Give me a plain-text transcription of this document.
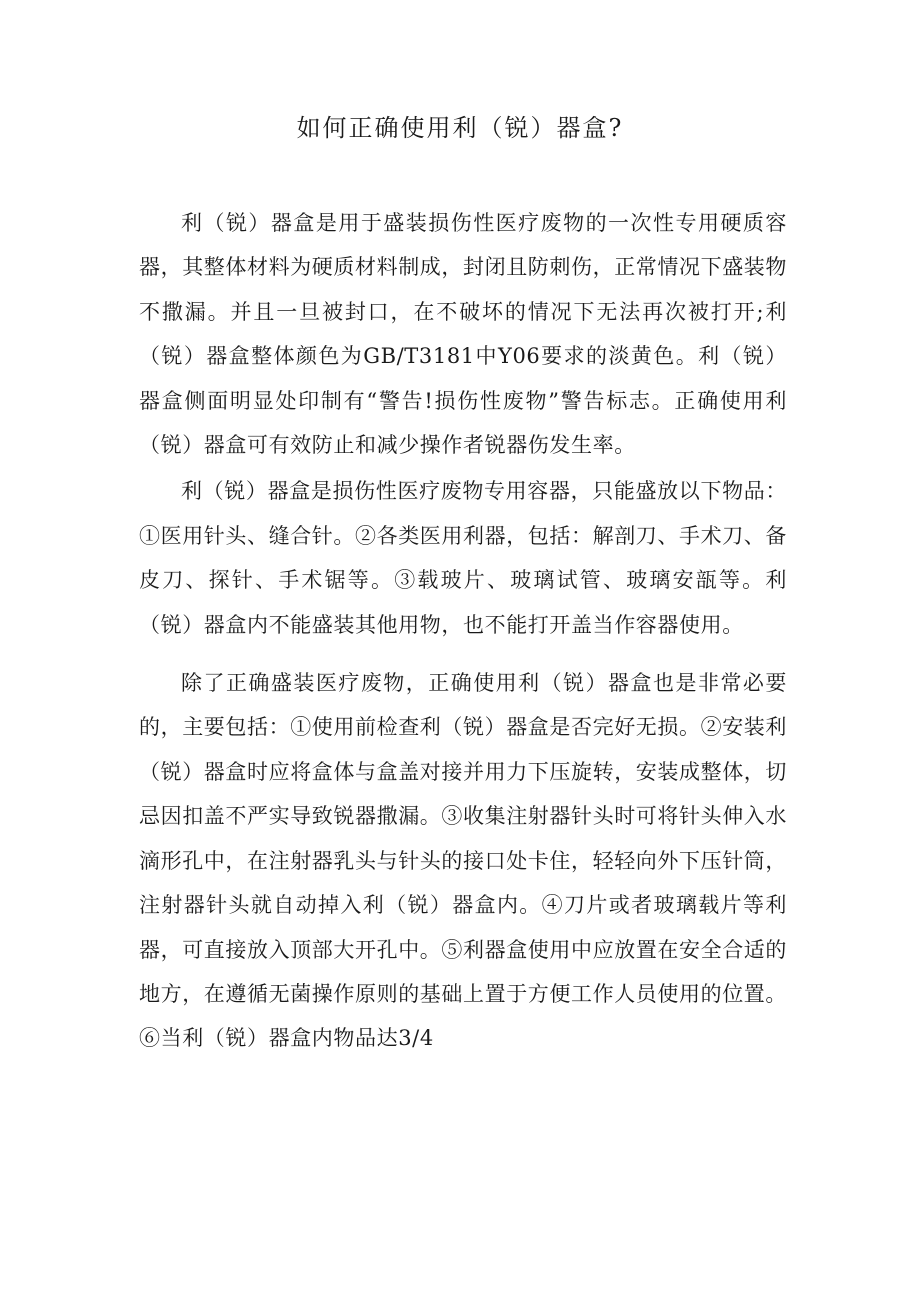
如何正确使用利（锐）器盒?

利（锐）器盒是用于盛装损伤性医疗废物的一次性专用硬质容器，其整体材料为硬质材料制成，封闭且防刺伤，正常情况下盛装物不撒漏。并且一旦被封口，在不破坏的情况下无法再次被打开;利（锐）器盒整体颜色为GB/T3181中Y06要求的淡黄色。利（锐）器盒侧面明显处印制有“警告!损伤性废物”警告标志。正确使用利（锐）器盒可有效防止和减少操作者锐器伤发生率。

利（锐）器盒是损伤性医疗废物专用容器，只能盛放以下物品：①医用针头、缝合针。②各类医用利器，包括：解剖刀、手术刀、备皮刀、探针、手术锯等。③载玻片、玻璃试管、玻璃安瓿等。利（锐）器盒内不能盛装其他用物，也不能打开盖当作容器使用。

除了正确盛装医疗废物，正确使用利（锐）器盒也是非常必要的，主要包括：①使用前检查利（锐）器盒是否完好无损。②安装利（锐）器盒时应将盒体与盒盖对接并用力下压旋转，安装成整体，切忌因扣盖不严实导致锐器撒漏。③收集注射器针头时可将针头伸入水滴形孔中，在注射器乳头与针头的接口处卡住，轻轻向外下压针筒，注射器针头就自动掉入利（锐）器盒内。④刀片或者玻璃载片等利器，可直接放入顶部大开孔中。⑤利器盒使用中应放置在安全合适的地方，在遵循无菌操作原则的基础上置于方便工作人员使用的位置。⑥当利（锐）器盒内物品达3/4
